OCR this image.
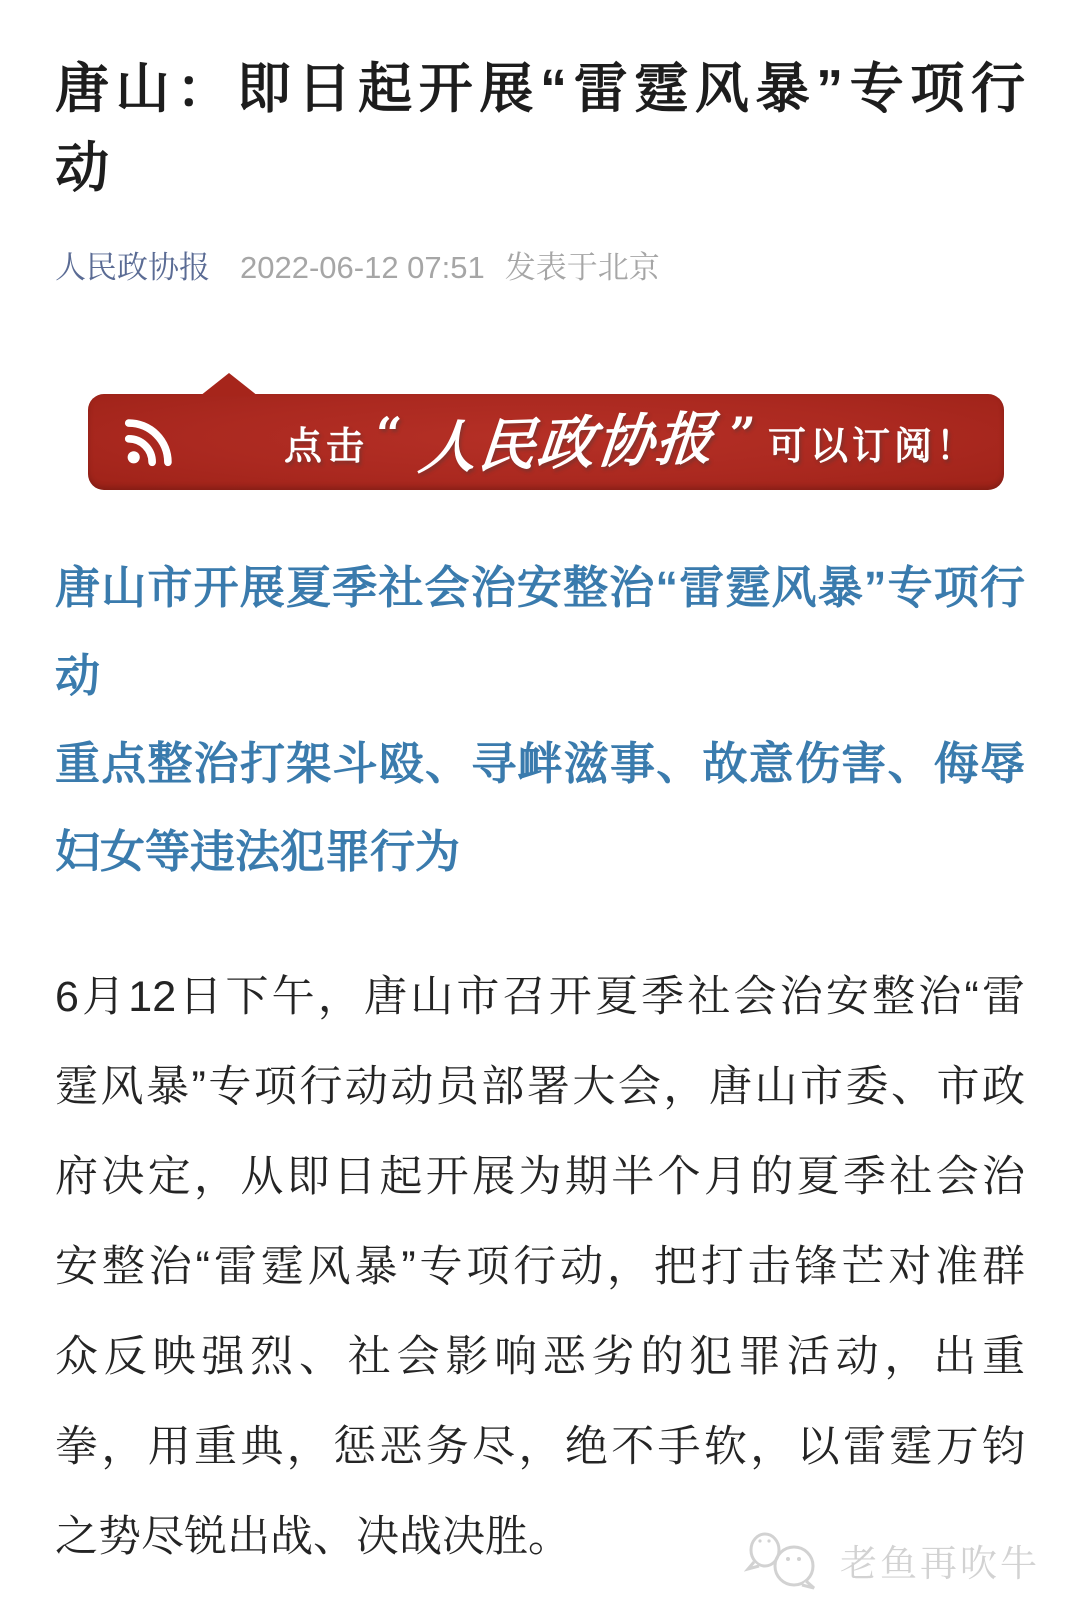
唐山：即日起开展“雷霆风暴”专项行
动
人民政协报 2022-06-12 07:51 发表于北京
点击 “ 人民政协报 ” 可以订阅！
唐山市开展夏季社会治安整治“雷霆风暴”专项行
动
重点整治打架斗殴、寻衅滋事、故意伤害、侮辱
妇女等违法犯罪行为
6月12日下午，唐山市召开夏季社会治安整治“雷
霆风暴”专项行动动员部署大会，唐山市委、市政
府决定，从即日起开展为期半个月的夏季社会治
安整治“雷霆风暴”专项行动，把打击锋芒对准群
众反映强烈、社会影响恶劣的犯罪活动，出重
拳，用重典，惩恶务尽，绝不手软，以雷霆万钧
之势尽锐出战、决战决胜。
老鱼再吹牛
